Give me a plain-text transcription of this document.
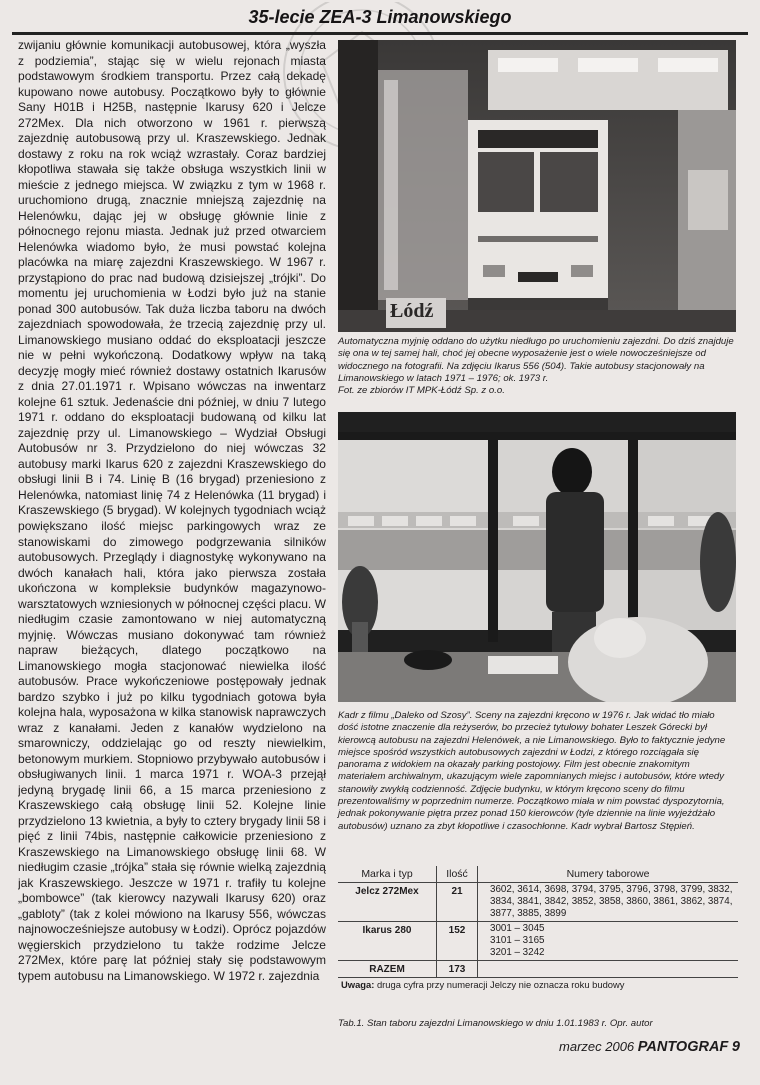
35-lecie ZEA-3 Limanowskiego
zwijaniu głównie komunikacji autobusowej, która „wyszła z podziemia”, stając się w wielu rejonach miasta podstawowym środkiem transportu. Przez całą dekadę kupowano nowe autobusy. Początkowo były to głównie Sany H01B i H25B, następnie Ikarusy 620 i Jelcze 272Mex. Dla nich otworzono w 1961 r. pierwszą zajezdnię autobusową przy ul. Kraszewskiego. Jednak dostawy z roku na rok wciąż wzrastały. Coraz bardziej kłopotliwa stawała się także obsługa wszystkich linii w mieście z jednego miejsca. W związku z tym w 1968 r. uruchomiono drugą, znacznie mniejszą zajezdnię na Helenówku, dając jej w obsługę głównie linie z północnego rejonu miasta. Jednak już przed otwarciem Helenówka wiadomo było, że musi powstać kolejna placówka na miarę zajezdni Kraszewskiego. W 1967 r. przystąpiono do prac nad budową dzisiejszej „trójki”. Do momentu jej uruchomienia w Łodzi było już na stanie ponad 300 autobusów. Tak duża liczba taboru na dwóch zajezdniach spowodowała, że trzecią zajezdnię przy ul. Limanowskiego musiano oddać do eksploatacji jeszcze nie w pełni wykończoną. Dodatkowy wpływ na taką decyzję mogły mieć również dostawy ostatnich Ikarusów z dnia 27.01.1971 r. Wpisano wówczas na inwentarz kolejne 61 sztuk. Jedenaście dni później, w dniu 7 lutego 1971 r. oddano do eksploatacji budowaną od kilku lat zajezdnię przy ul. Limanowskiego – Wydział Obsługi Autobusów nr 3. Przydzielono do niej wówczas 32 autobusy marki Ikarus 620 z zajezdni Kraszewskiego do obsługi linii B i 74. Linię B (16 brygad) przeniesiono z Helenówka, natomiast linię 74 z Helenówka (11 brygad) i Kraszewskiego (5 brygad). W kolejnych tygodniach wciąż powiększano ilość miejsc parkingowych wraz ze stanowiskami do zimowego podgrzewania silników autobusowych. Przeglądy i diagnostykę wykonywano na dwóch kanałach hali, która jako pierwsza została ukończona w kompleksie budynków magazynowo-warsztatowych wzniesionych w północnej części placu. W niedługim czasie zamontowano w niej automatyczną myjnię. Wówczas musiano dokonywać tam również napraw bieżących, dlatego początkowo na Limanowskiego mogła stacjonować niewielka ilość autobusów. Prace wykończeniowe postępowały jednak bardzo szybko i już po kilku tygodniach gotowa była kolejna hala, wyposażona w kilka stanowisk naprawczych wraz z kanałami. Jeden z kanałów wydzielono na smarowniczy, oddzielając go od reszty niewielkim, betonowym murkiem. Stopniowo przybywało autobusów i obsługiwanych linii. 1 marca 1971 r. WOA-3 przejął jedyną brygadę linii 66, a 15 marca przeniesiono z Kraszewskiego całą obsługę linii 52. Kolejne linie przydzielono 13 kwietnia, a były to cztery brygady linii 58 i pięć z linii 74bis, następnie całkowicie przeniesiono z Kraszewskiego na Limanowskiego obsługę linii 68. W niedługim czasie „trójka” stała się równie wielką zajezdnią jak Kraszewskiego. Jeszcze w 1971 r. trafiły tu kolejne „bombowce” (tak kierowcy nazywali Ikarusy 620) oraz „gabloty” (tak z kolei mówiono na Ikarusy 556, wówczas najnowocześniejsze autobusy w Łodzi). Oprócz pojazdów węgierskich przydzielono tu także rodzime Jelcze 272Mex, które parę lat później stały się podstawowym typem autobusu na Limanowskiego. W 1972 r. zajezdnia
Łódź
Automatyczna myjnię oddano do użytku niedługo po uruchomieniu zajezdni. Do dziś znajduje się ona w tej samej hali, choć jej obecne wyposażenie jest o wiele nowocześniejsze od widocznego na fotografii. Na zdjęciu Ikarus 556 (504). Takie autobusy stacjonowały na Limanowskiego w latach 1971 – 1976; ok. 1973 r.
Fot. ze zbiorów IT MPK-Łódź Sp. z o.o.
Kadr z filmu „Daleko od Szosy”. Sceny na zajezdni kręcono w 1976 r. Jak widać tło miało dość istotne znaczenie dla reżyserów, bo przecież tytułowy bohater Leszek Górecki był kierowcą autobusu na zajezdni Helenówek, a nie Limanowskiego. Było to faktycznie jedyne miejsce spośród wszystkich autobusowych zajezdni w Łodzi, z którego rozciągała się panorama z widokiem na okazały parking postojowy. Film jest obecnie znakomitym materiałem archiwalnym, ukazującym wiele zapomnianych miejsc i autobusów, które wtedy stanowiły zwykłą codzienność. Zdjęcie budynku, w którym kręcono sceny do filmu prezentowaliśmy w poprzednim numerze. Początkowo miała w nim powstać dyspozytornia, jednak pokonywanie piętra przez ponad 150 kierowców (tyle dziennie na linie wyjeżdżało autobusów) uznano za zbyt kłopotliwe i czasochłonne. Kadr wybrał Bartosz Stępień.
Marka i typ	Ilość	Numery taborowe
Jelcz 272Mex	21	3602, 3614, 3698, 3794, 3795, 3796, 3798, 3799, 3832,
3834, 3841, 3842, 3852, 3858, 3860, 3861, 3862, 3874,
3877, 3885, 3899

Ikarus 280	152	3001 – 3045
3101 – 3165
3201 – 3242

RAZEM	173	
Uwaga: druga cyfra przy numeracji Jelczy nie oznacza roku budowy		
Tab.1. Stan taboru zajezdni Limanowskiego w dniu 1.01.1983 r. Opr. autor
marzec 2006 PANTOGRAF 9
